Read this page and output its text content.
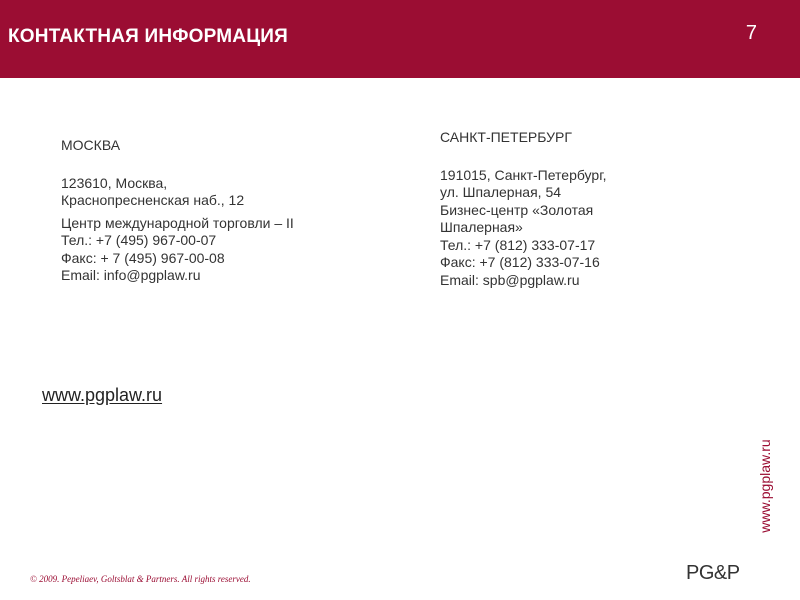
КОНТАКТНАЯ ИНФОРМАЦИЯ	7
МОСКВА
123610, Москва,
Краснопресненская наб., 12
Центр международной торговли – II
Тел.: +7 (495) 967-00-07
Факс: + 7 (495) 967-00-08
Email: info@pgplaw.ru
САНКТ-ПЕТЕРБУРГ
191015, Санкт-Петербург,
ул. Шпалерная, 54
Бизнес-центр «Золотая
Шпалерная»
Тел.: +7 (812) 333-07-17
Факс: +7 (812) 333-07-16
Email: spb@pgplaw.ru
www.pgplaw.ru
www.pgplaw.ru
© 2009. Pepeliaev, Goltsblat & Partners. All rights reserved.	PG&P
